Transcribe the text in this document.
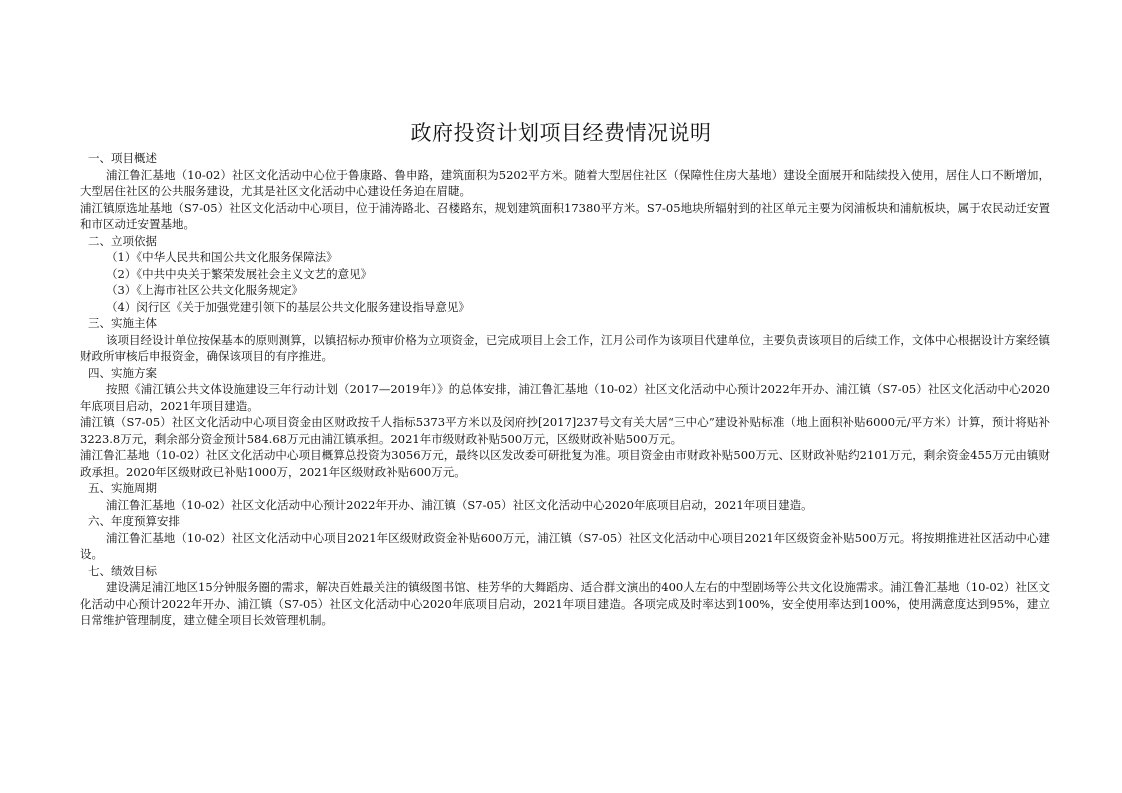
政府投资计划项目经费情况说明
一、项目概述
浦江鲁汇基地（10-02）社区文化活动中心位于鲁康路、鲁申路，建筑面积为5202平方米。随着大型居住社区（保障性住房大基地）建设全面展开和陆续投入使用，居住人口不断增加，大型居住社区的公共服务建设，尤其是社区文化活动中心建设任务迫在眉睫。
浦江镇原选址基地（S7-05）社区文化活动中心项目，位于浦涛路北、召楼路东，规划建筑面积17380平方米。S7-05地块所辐射到的社区单元主要为闵浦板块和浦航板块，属于农民动迁安置和市区动迁安置基地。
二、立项依据
（1）《中华人民共和国公共文化服务保障法》
（2）《中共中央关于繁荣发展社会主义文艺的意见》
（3）《上海市社区公共文化服务规定》
（4）闵行区《关于加强党建引领下的基层公共文化服务建设指导意见》
三、实施主体
该项目经设计单位按保基本的原则测算，以镇招标办预审价格为立项资金，已完成项目上会工作，江月公司作为该项目代建单位，主要负责该项目的后续工作，文体中心根据设计方案经镇财政所审核后申报资金，确保该项目的有序推进。
四、实施方案
按照《浦江镇公共文体设施建设三年行动计划（2017—2019年）》的总体安排，浦江鲁汇基地（10-02）社区文化活动中心预计2022年开办、浦江镇（S7-05）社区文化活动中心2020年底项目启动，2021年项目建造。
浦江镇（S7-05）社区文化活动中心项目资金由区财政按千人指标5373平方米以及闵府抄[2017]237号文有关大居“三中心”建设补贴标准（地上面积补贴6000元/平方米）计算，预计将贴补3223.8万元，剩余部分资金预计584.68万元由浦江镇承担。2021年市级财政补贴500万元，区级财政补贴500万元。
浦江鲁汇基地（10-02）社区文化活动中心项目概算总投资为3056万元，最终以区发改委可研批复为准。项目资金由市财政补贴500万元、区财政补贴约2101万元，剩余资金455万元由镇财政承担。2020年区级财政已补贴1000万，2021年区级财政补贴600万元。
五、实施周期
浦江鲁汇基地（10-02）社区文化活动中心预计2022年开办、浦江镇（S7-05）社区文化活动中心2020年底项目启动，2021年项目建造。
六、年度预算安排
浦江鲁汇基地（10-02）社区文化活动中心项目2021年区级财政资金补贴600万元，浦江镇（S7-05）社区文化活动中心项目2021年区级资金补贴500万元。将按期推进社区活动中心建设。
七、绩效目标
建设满足浦江地区15分钟服务圈的需求，解决百姓最关注的镇级图书馆、桂芳华的大舞蹈房、适合群文演出的400人左右的中型剧场等公共文化设施需求。浦江鲁汇基地（10-02）社区文化活动中心预计2022年开办、浦江镇（S7-05）社区文化活动中心2020年底项目启动，2021年项目建造。各项完成及时率达到100%，安全使用率达到100%，使用满意度达到95%，建立日常维护管理制度，建立健全项目长效管理机制。
